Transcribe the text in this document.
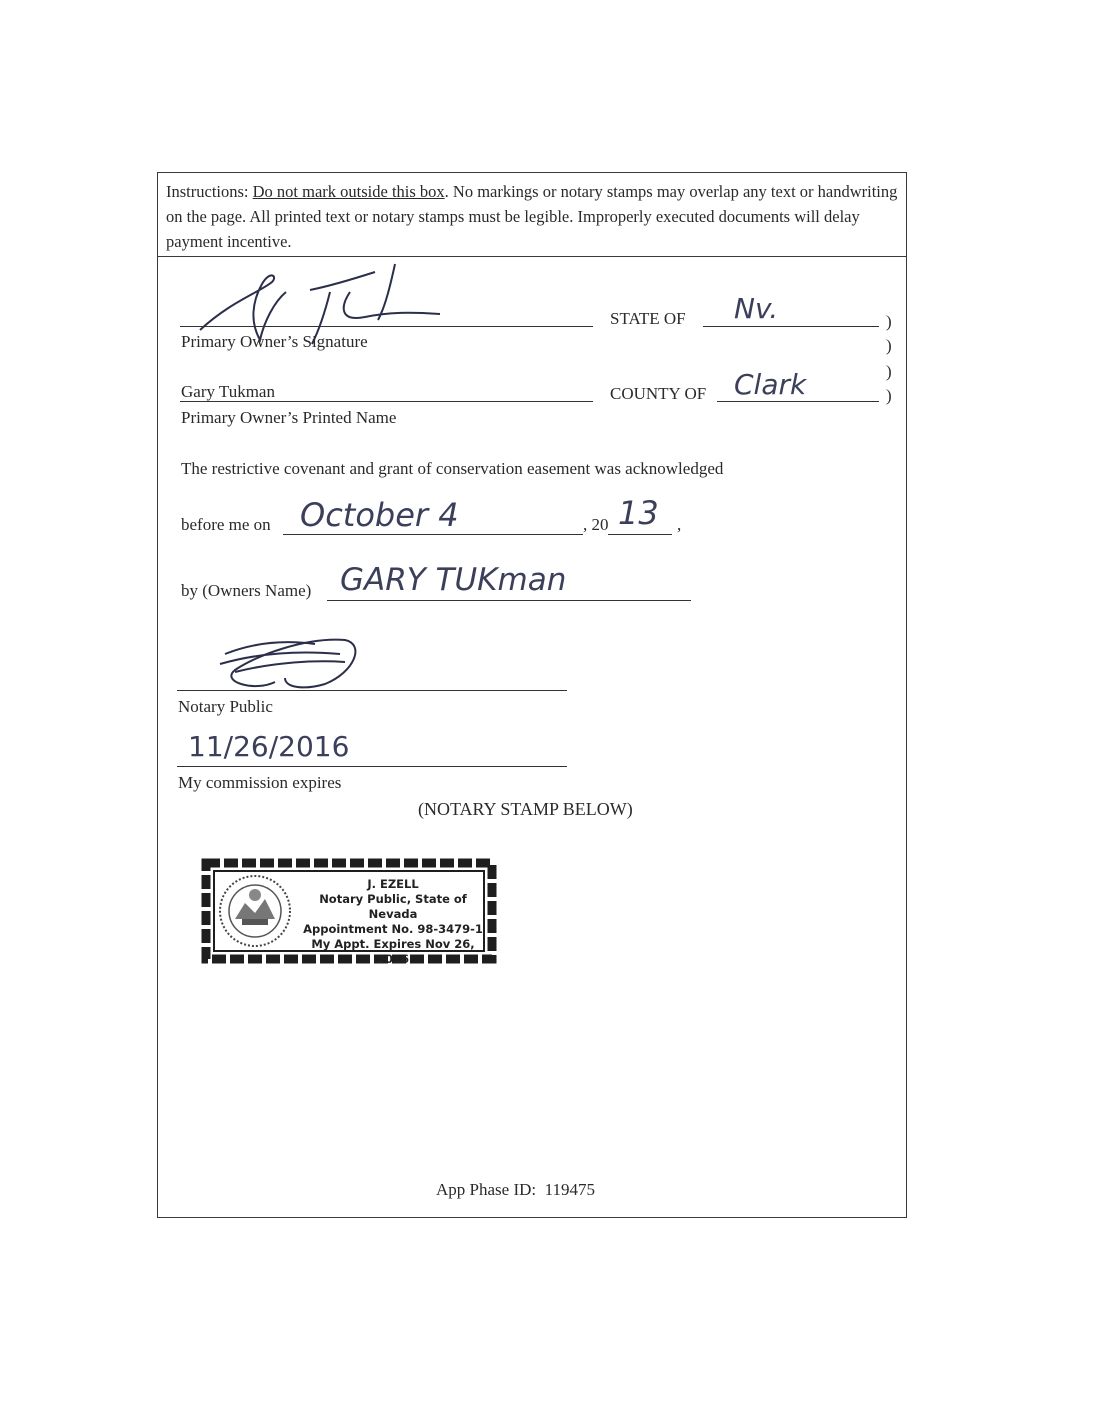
Instructions: Do not mark outside this box. No markings or notary stamps may overlap any text or handwriting on the page. All printed text or notary stamps must be legible. Improperly executed documents will delay payment incentive.
Primary Owner’s Signature
STATE OF Nv.
Gary Tukman
Primary Owner’s Printed Name
COUNTY OF Clark
)
)
)
)
The restrictive covenant and grant of conservation easement was acknowledged
before me on October 4	, 20 13 ,
by (Owners Name) GARY TUKman
Notary Public
11/26/2016
My commission expires
(NOTARY STAMP BELOW)
J. EZELL
Notary Public, State of Nevada
Appointment No. 98-3479-1
My Appt. Expires Nov 26, 2016
App Phase ID:  119475
